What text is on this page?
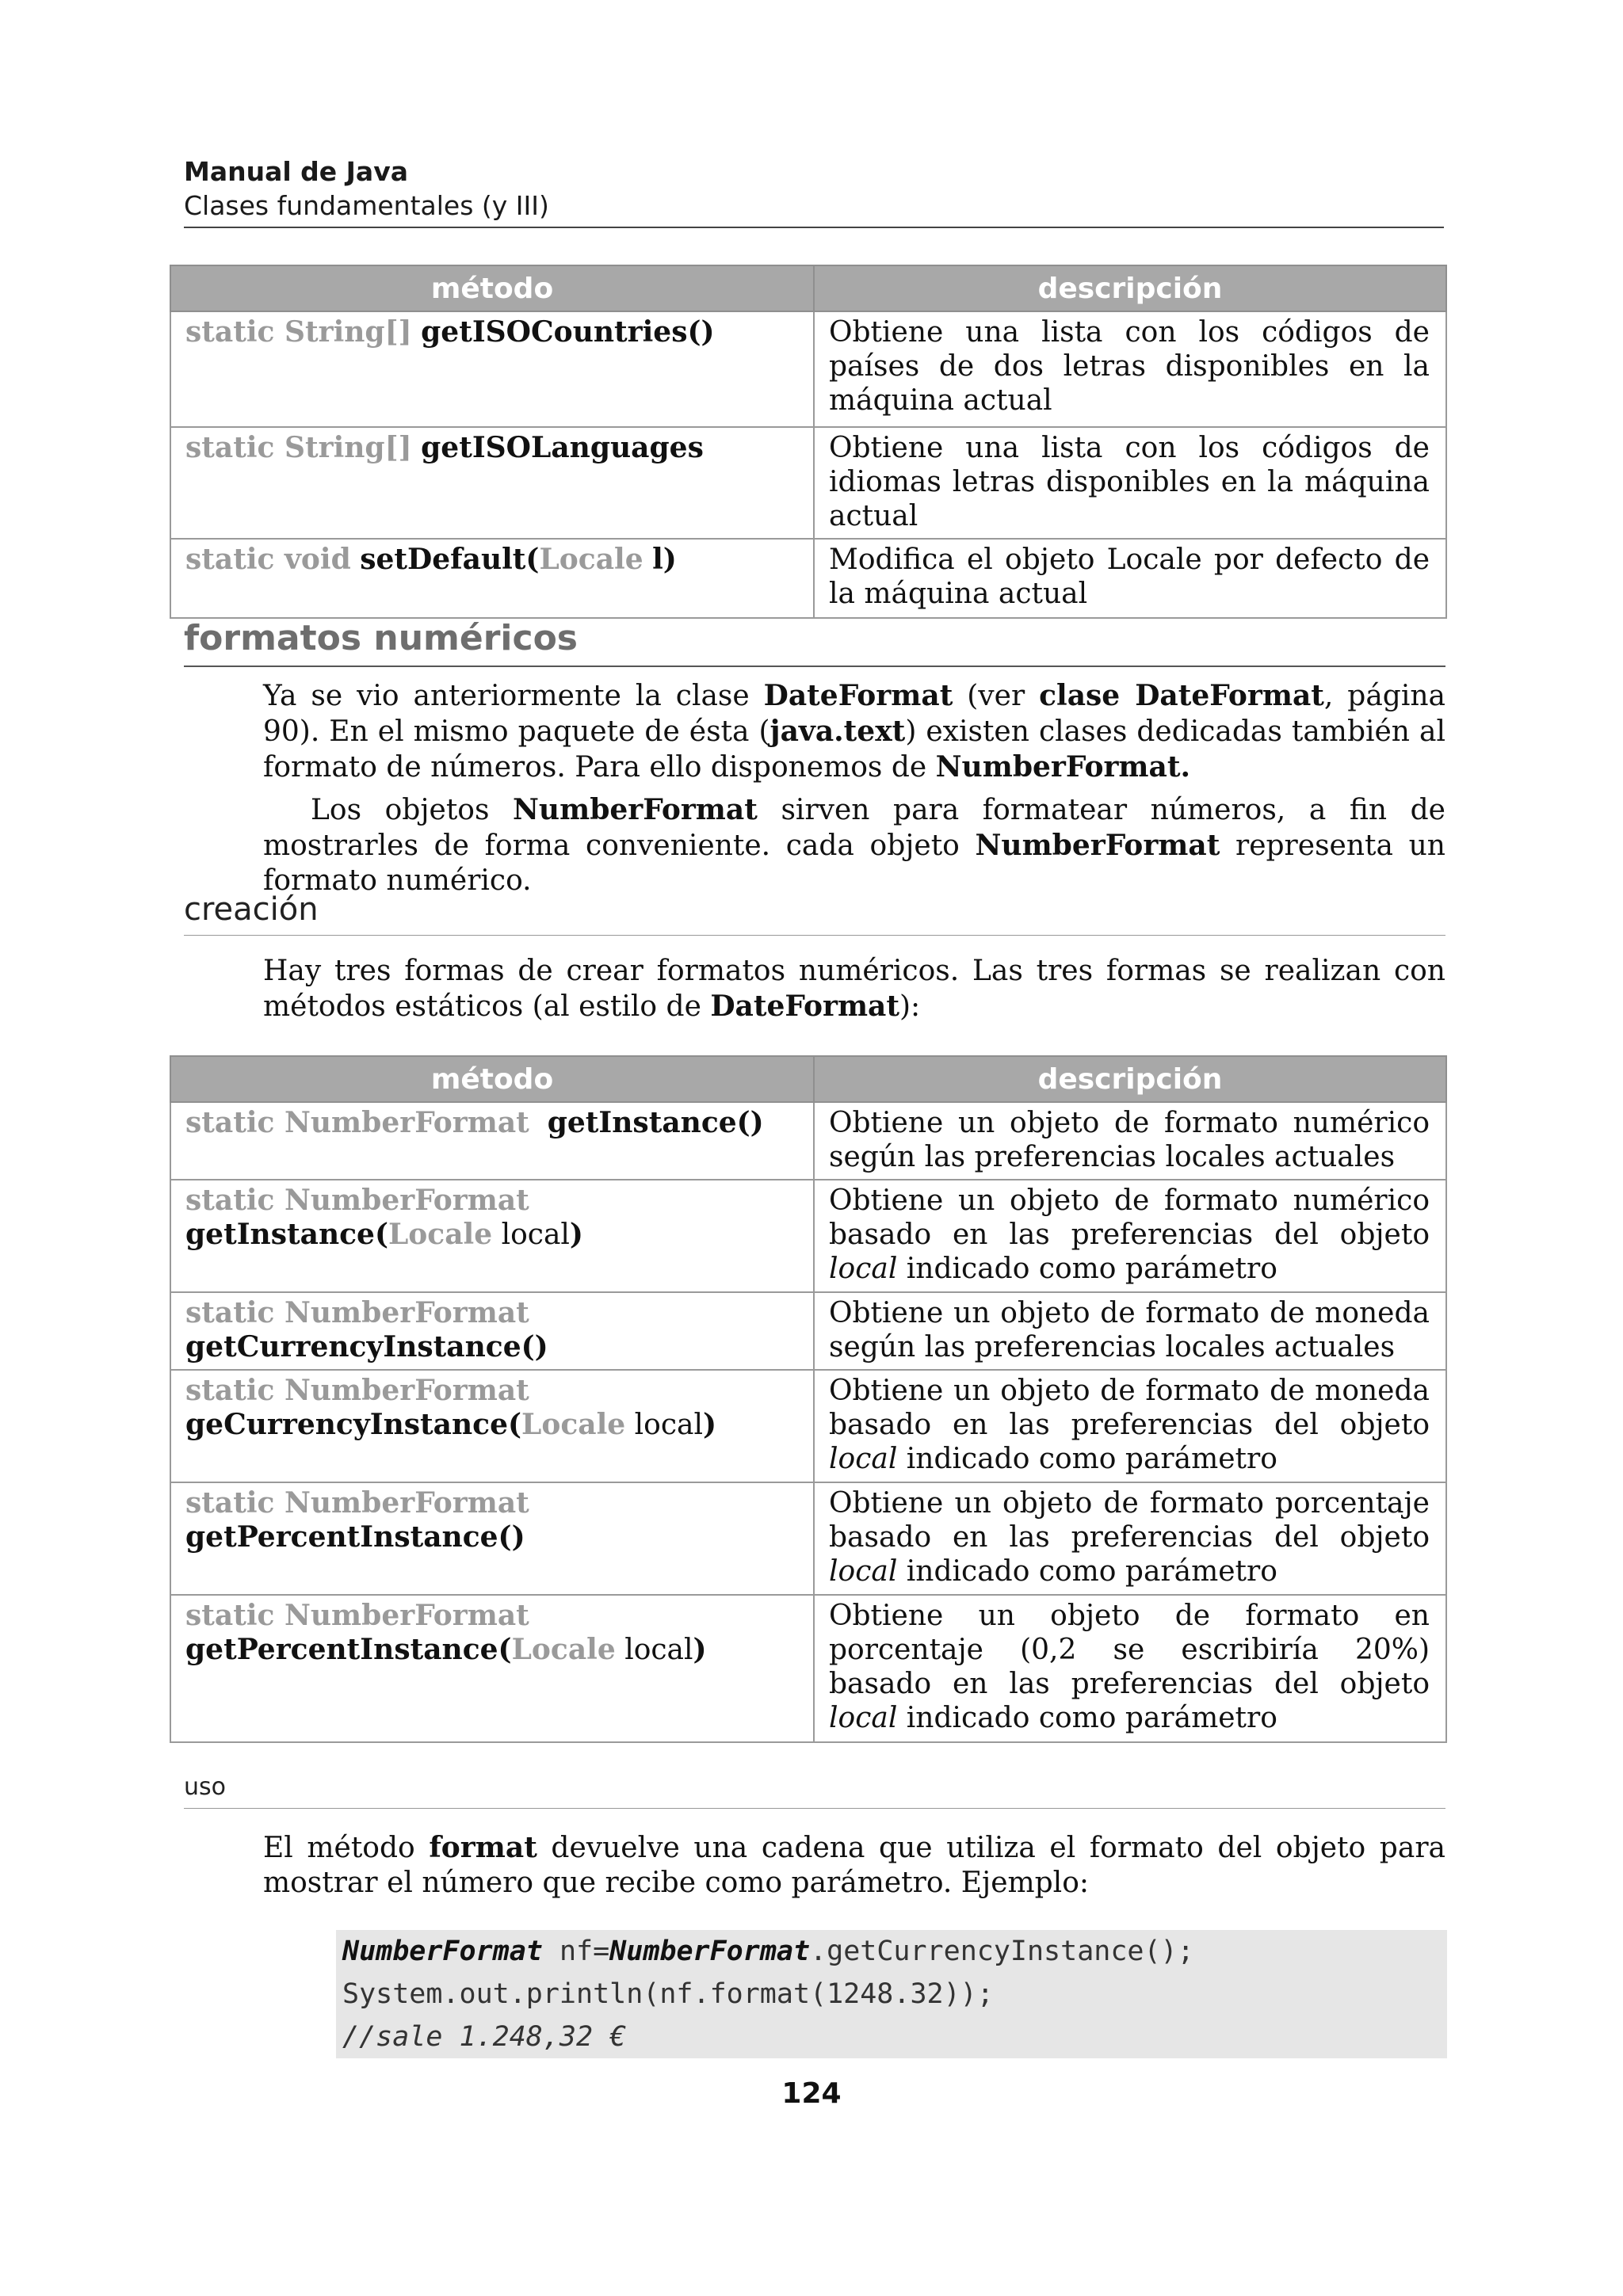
Manual de Java
Clases fundamentales (y III)
método	descripción
static String[] getISOCountries()	Obtiene una lista con los códigos de países de dos letras disponibles en la máquina actual
static String[] getISOLanguages	Obtiene una lista con los códigos de idiomas letras disponibles en la máquina actual
static void setDefault(Locale l)	Modifica el objeto Locale por defecto de la máquina actual
formatos numéricos
Ya se vio anteriormente la clase DateFormat (ver clase DateFormat, página 90). En el mismo paquete de ésta (java.text) existen clases dedicadas también al formato de números. Para ello disponemos de NumberFormat.
Los objetos NumberFormat sirven para formatear números, a fin de mostrarles de forma conveniente. cada objeto NumberFormat representa un formato numérico.
creación
Hay tres formas de crear formatos numéricos. Las tres formas se realizan con métodos estáticos (al estilo de DateFormat):
método	descripción
static NumberFormat getInstance()	Obtiene un objeto de formato numérico según las preferencias locales actuales
static NumberFormat
getInstance(Locale local)	Obtiene un objeto de formato numérico basado en las preferencias del objeto local indicado como parámetro
static NumberFormat
getCurrencyInstance()	Obtiene un objeto de formato de moneda según las preferencias locales actuales
static NumberFormat
geCurrencyInstance(Locale local)	Obtiene un objeto de formato de moneda basado en las preferencias del objeto local indicado como parámetro
static NumberFormat
getPercentInstance()	Obtiene un objeto de formato porcentaje basado en las preferencias del objeto local indicado como parámetro
static NumberFormat
getPercentInstance(Locale local)	Obtiene un objeto de formato en porcentaje (0,2 se escribiría 20%) basado en las preferencias del objeto local indicado como parámetro
uso
El método format devuelve una cadena que utiliza el formato del objeto para mostrar el número que recibe como parámetro. Ejemplo:
NumberFormat nf=NumberFormat.getCurrencyInstance();
System.out.println(nf.format(1248.32));
//sale 1.248,32 €
124
